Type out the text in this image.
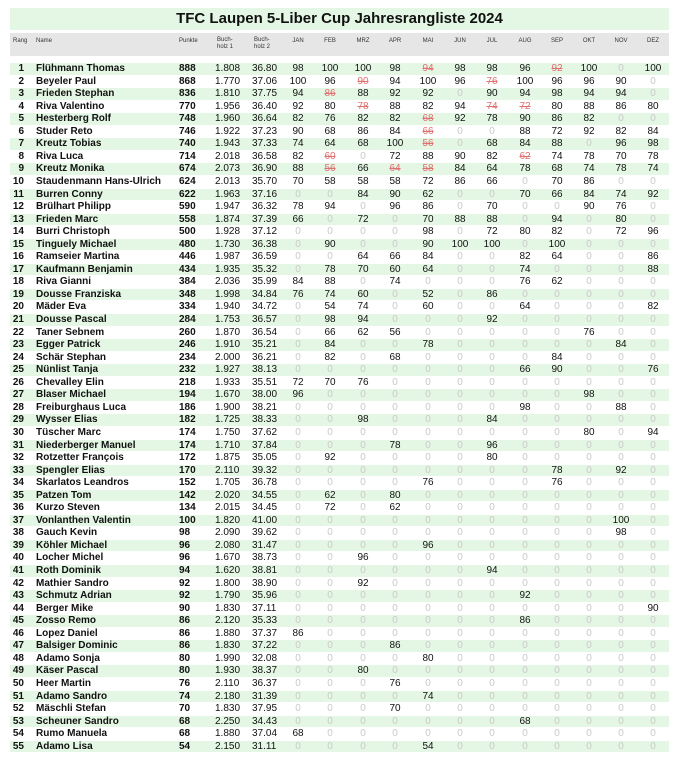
TFC Laupen 5-Liber Cup Jahresrangliste 2024
Rang Name	Punkte	Buch-
holz 1
Buch-
holz 2
JAN	FEB	MRZ	APR	MAI	JUN	JUL	AUG	SEP	OKT	NOV	DEZ
1 Flühmann Thomas	888 1.808 36.80 98 100 100 98 94 98 98 96 92 100 0 100
2 Beyeler Paul	868 1.770 37.06 100 96 90 94 100 96 76 100 96 96 90 0
3 Frieden Stephan	836 1.810 37.75 94 86 88 92 92 0 90 94 98 94 94 0
4 Riva Valentino	770 1.956 36.40 92 80 78 88 82 94 74 72 80 88 86 80
5 Hesterberg Rolf	748 1.960 36.64 82 76 82 82 68 92 78 90 86 82 0	0
6 Studer Reto	746 1.922 37.23 90 68 86 84 66 0	0 88 72 92 82 84
7 Kreutz Tobias	740 1.943 37.33 74 64 68 100 56 0 68 84 88 0 96 98
8 Riva Luca	714 2.018 36.58 82 60 0 72 88 90 82 62 74 78 70 78
9 Kreutz Monika	674 2.073 36.90 88 56 66 64 58 84 64 78 68 74 78 74
10 Staudenmann Hans-Ulrich 624 2.013 35.70 70 58 58 58 72 86 66 0 70 86 0	0
11 Burren Conny	622 1.963 37.16 0	0 84 90 62 0	0 70 66 84 74 92
12 Brülhart Philipp	590 1.947 36.32 78 94 0 96 86 0 70 0	0 90 76 0
13 Frieden Marc	558 1.874 37.39 66 0 72 0 70 88 88 0 94 0 80 0
14 Burri Christoph	500 1.928 37.12 0	0	0	0 98 0 72 80 82 0 72 96
15 Tinguely Michael	480 1.730 36.38 0 90 0	0 90 100 100 0 100 0	0	0
16 Ramseier Martina	446 1.987 36.59 0	0 64 66 84 0	0 82 64 0	0 86
17 Kaufmann Benjamin	434 1.935 35.32 0 78 70 60 64 0	0 74 0	0	0 88
18 Riva Gianni	384 2.036 35.99 84 88 0 74 0	0	0 76 62 0	0	0
19 Dousse Franziska	348 1.998 34.84 76 74 60 0 52 0 86 0	0	0	0	0
20 Mäder Eva	334 1.940 34.72 0 54 74 0 60 0	0 64 0	0	0 82
21 Dousse Pascal	284 1.753 36.57 0 98 94 0	0	0 92 0	0	0	0	0
22 Taner Sebnem	260 1.870 36.54 0 66 62 56 0	0	0	0	0 76 0	0
23 Egger Patrick	246 1.910 35.21 0 84 0	0 78 0	0	0	0	0 84 0
24 Schär Stephan	234 2.000 36.21 0 82 0 68 0	0	0	0 84 0	0	0
25 Nünlist Tanja	232 1.927 38.13 0	0	0	0	0	0	0 66 90 0	0 76
26 Chevalley Elin	218 1.933 35.51 72 70 76 0	0	0	0	0	0	0	0	0
27 Blaser Michael	194 1.670 38.00 96 0	0	0	0	0	0	0	0 98 0	0
28 Freiburghaus Luca	186 1.900 38.21 0	0	0	0	0	0	0 98 0	0 88 0
29 Wysser Elias	182 1.725 38.33 0	0 98 0	0	0 84 0	0	0	0	0
30 Tüscher Marc	174 1.750 37.62 0	0	0	0	0	0	0	0	0 80 0 94
31 Niederberger Manuel	174 1.710 37.84 0	0	0 78 0	0 96 0	0	0	0	0
32 Rotzetter François	172 1.875 35.05 0 92 0	0	0	0 80 0	0	0	0	0
33 Spengler Elias	170 2.110 39.32 0	0	0	0	0	0	0	0 78 0 92 0
34 Skarlatos Leandros	152 1.705 36.78 0	0	0	0 76 0	0	0 76 0	0	0
35 Patzen Tom	142 2.020 34.55 0 62 0 80 0	0	0	0	0	0	0	0
36 Kurzo Steven	134 2.015 34.45 0 72 0 62 0	0	0	0	0	0	0	0
37 Vonlanthen Valentin	100 1.820 41.00 0	0	0	0	0	0	0	0	0	0 100 0
38 Gauch Kevin	98 2.090 39.62 0	0	0	0	0	0	0	0	0	0 98 0
39 Köhler Michael	96 2.080 31.47 0	0	0	0 96 0	0	0	0	0	0	0
40 Locher Michel	96 1.670 38.73 0	0 96 0	0	0	0	0	0	0	0	0
41 Roth Dominik	94 1.620 38.81 0	0	0	0	0	0 94 0	0	0	0	0
42 Mathier Sandro	92 1.800 38.90 0	0 92 0	0	0	0	0	0	0	0	0
43 Schmutz Adrian	92 1.790 35.96 0	0	0	0	0	0	0 92 0	0	0	0
44 Berger Mike	90 1.830 37.11 0	0	0	0	0	0	0	0	0	0	0 90
45 Zosso Remo	86 2.120 35.33 0	0	0	0	0	0	0 86 0	0	0	0
46 Lopez Daniel	86 1.880 37.37 86 0	0	0	0	0	0	0	0	0	0	0
47 Balsiger Dominic	86 1.830 37.22 0	0	0 86 0	0	0	0	0	0	0	0
48 Adamo Sonja	80 1.990 32.08 0	0	0	0 80 0	0	0	0	0	0	0
49 Käser Pascal	80 1.930 38.37 0	0 80 0	0	0	0	0	0	0	0	0
50 Heer Martin	76 2.110 36.37 0	0	0 76 0	0	0	0	0	0	0	0
51 Adamo Sandro	74 2.180 31.39 0	0	0	0 74 0	0	0	0	0	0	0
52 Mäschli Stefan	70 1.830 37.95 0	0	0 70 0	0	0	0	0	0	0	0
53 Scheuner Sandro	68 2.250 34.43 0	0	0	0	0	0	0 68 0	0	0	0
54 Rumo Manuela	68 1.880 37.04 68 0	0	0	0	0	0	0	0	0	0	0
55 Adamo Lisa	54 2.150 31.11 0	0	0	0 54 0	0	0	0	0	0	0
